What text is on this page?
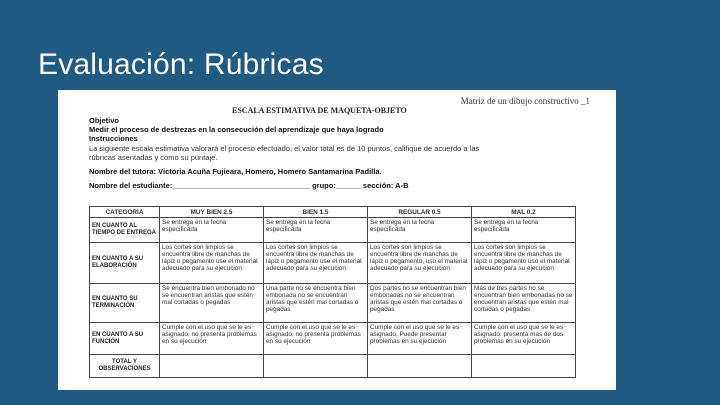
Evaluación: Rúbricas
Matriz de un dibujo constructivo _1
ESCALA ESTIMATIVA DE MAQUETA-OBJETO
Objetivo
Medir el proceso de destrezas en la consecución del aprendizaje que haya logrado
Instrucciones
La siguiente escala estimativa valorará el proceso efectuado, el valor total es de 10 puntos, califique de acuerdo a las
rúbricas asentadas y como su puntaje.
Nombre del tutora: Victoria Acuña Fujieara, Homero, Homero Santamarina Padilla.
Nombre del estudiante:_________________________________ grupo:______ sección: A-B
CATEGORIA	MUY BIEN 2.5	BIEN 1.5	REGULAR 0.5	MAL 0.2
EN CUANTO AL TIEMPO DE ENTREGA	Se entrega en la fecha especificada	Se entrega en la fecha especificada	Se entrega en la fecha especificada	Se entrega en la fecha especificada
EN CUANTO A SU ELABORACIÓN	Los cortes son limpios se encuentra libre de manchas de lápiz o pegamento use el material adecuado para su ejecución	Los cortes son limpios se encuentra libre de manchas de lápiz o pegamento use el material adecuado para su ejecución	Los cortes son limpios se encuentra libre de manchas de lápiz o pegamento, uso el material adecuado para su ejecución	Los cortes son limpios se encuentra libre de manchas de lápiz o pegamento uso el material adecuado para su ejecución
EN CUANTO SU TERMINACIÓN	Se encuentra bien embonado no se encuentran aristas que estén mal cortadas o pegadas	Una parte no se encuentra bien embonada no se encuentran aristas que estén mal cortadas o pegadas	Dos partes no se encuentran bien embonadas no se encuentran aristas que estén mal cortadas o pegadas	Más de tres partes no se encuentran bien embonadas no se encuentran aristas que estén mal cortadas o pegadas
EN CUANTO A SU FUNCIÓN	Cumple con el uso que se le es asignado, no presenta problemas en su ejecución	Cumple con el uso que se le es asignado, no presenta problemas en su ejecución	Cumple con el uso que se le es asignado. Puede presentar problemas en su ejecución	Cumple con el uso que se le es asignado, presenta más de dos problemas en su ejecución
TOTAL Y OBSERVACIONES				
